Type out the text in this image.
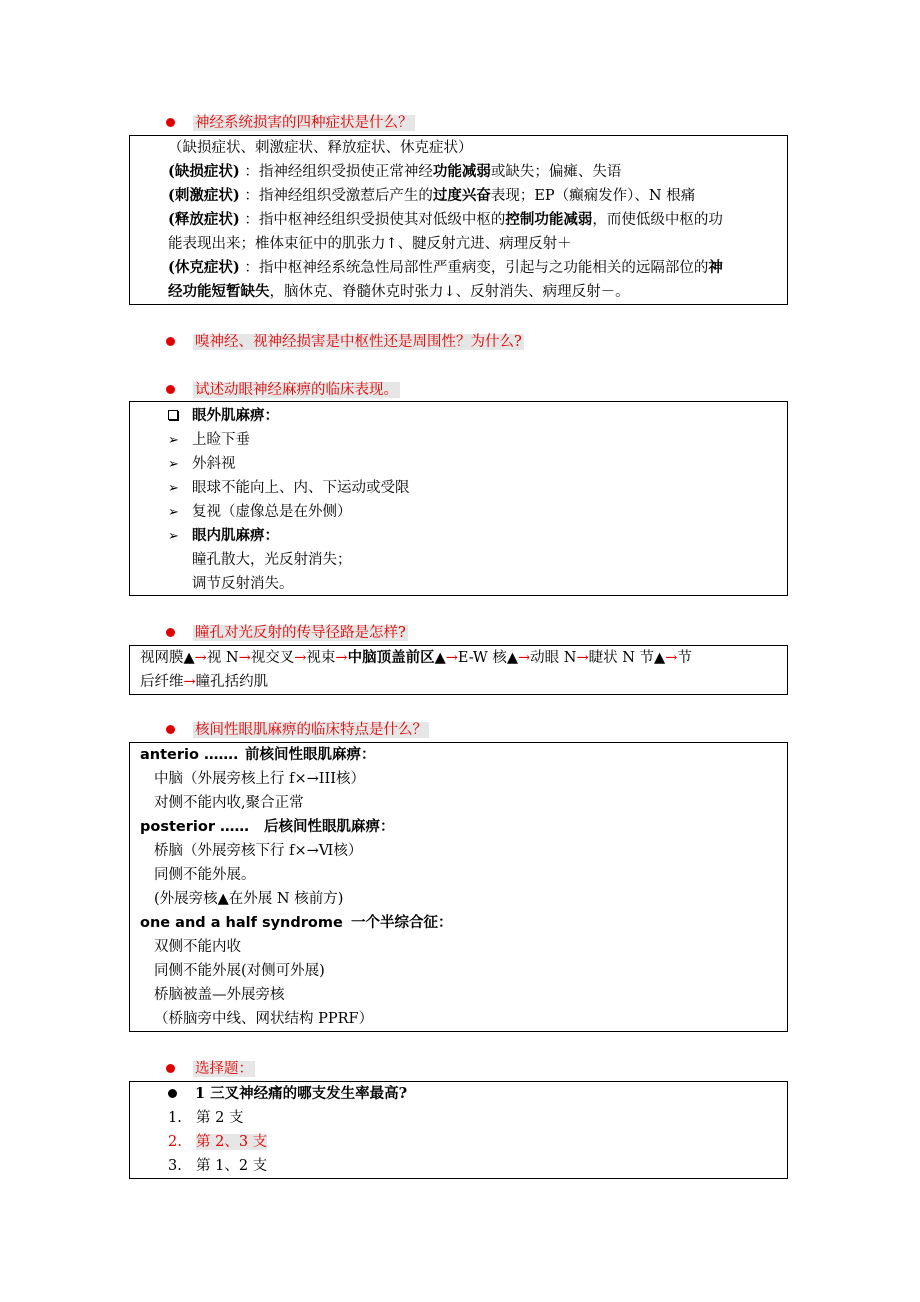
神经系统损害的四种症状是什么？
（缺损症状、刺激症状、释放症状、休克症状）
(缺损症状) ：指神经组织受损使正常神经功能减弱或缺失；偏瘫、失语
(刺激症状) ：指神经组织受激惹后产生的过度兴奋表现；EP（癫痫发作）、N 根痛
(释放症状) ：指中枢神经组织受损使其对低级中枢的控制功能减弱，而使低级中枢的功
能表现出来；椎体束征中的肌张力↑、腱反射亢进、病理反射＋
(休克症状) ：指中枢神经系统急性局部性严重病变，引起与之功能相关的远隔部位的神
经功能短暂缺失，脑休克、脊髓休克时张力↓、反射消失、病理反射－。
嗅神经、视神经损害是中枢性还是周围性？为什么?
试述动眼神经麻痹的临床表现。
眼外肌麻痹：
➢ 上睑下垂
➢ 外斜视
➢ 眼球不能向上、内、下运动或受限
➢ 复视（虚像总是在外侧）
➢ 眼内肌麻痹：
瞳孔散大，光反射消失；
调节反射消失。
瞳孔对光反射的传导径路是怎样?
视网膜▲→视 N→视交叉→视束→中脑顶盖前区▲→E-W 核▲→动眼 N→睫状 N 节▲→节
后纤维→瞳孔括约肌
核间性眼肌麻痹的临床特点是什么？
anterio ……. 前核间性眼肌麻痹：
中脑（外展旁核上行 f×→III核）
对侧不能内收,聚合正常
posterior …… 后核间性眼肌麻痹：
桥脑（外展旁核下行 f×→Ⅵ核）
同侧不能外展。
(外展旁核▲在外展 N 核前方)
one and a half syndrome 一个半综合征：
双侧不能内收
同侧不能外展(对侧可外展)
桥脑被盖—外展旁核
（桥脑旁中线、网状结构 PPRF）
选择题：
1 三叉神经痛的哪支发生率最高?
1. 第 2 支
2. 第 2、3 支
3. 第 1、2 支
